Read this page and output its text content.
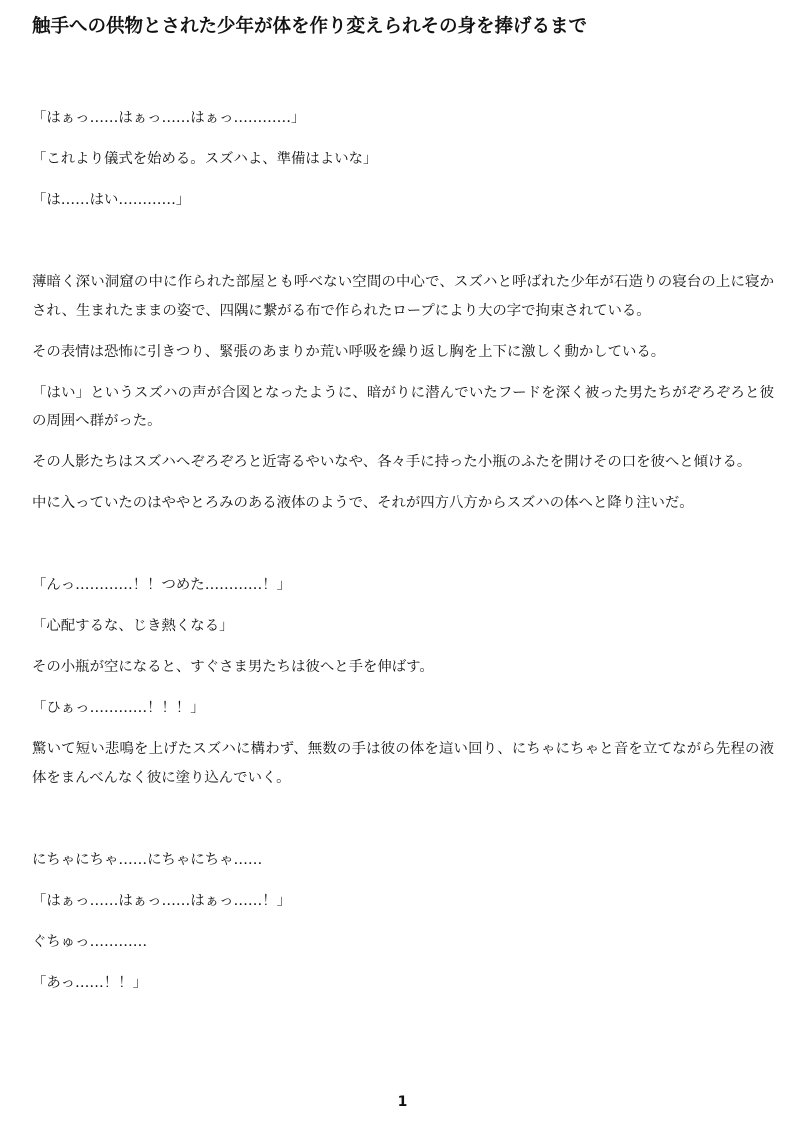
触手への供物とされた少年が体を作り変えられその身を捧げるまで

「はぁっ……はぁっ……はぁっ…………」

「これより儀式を始める。スズハよ、準備はよいな」

「は……はい…………」

薄暗く深い洞窟の中に作られた部屋とも呼べない空間の中心で、スズハと呼ばれた少年が石造りの寝台の上に寝かされ、生まれたままの姿で、四隅に繋がる布で作られたロープにより大の字で拘束されている。

その表情は恐怖に引きつり、緊張のあまりか荒い呼吸を繰り返し胸を上下に激しく動かしている。

「はい」というスズハの声が合図となったように、暗がりに潜んでいたフードを深く被った男たちがぞろぞろと彼の周囲へ群がった。

その人影たちはスズハへぞろぞろと近寄るやいなや、各々手に持った小瓶のふたを開けその口を彼へと傾ける。

中に入っていたのはややとろみのある液体のようで、それが四方八方からスズハの体へと降り注いだ。

「んっ…………！！つめた…………！」

「心配するな、じき熱くなる」

その小瓶が空になると、すぐさま男たちは彼へと手を伸ばす。

「ひぁっ…………！！！」

驚いて短い悲鳴を上げたスズハに構わず、無数の手は彼の体を這い回り、にちゃにちゃと音を立てながら先程の液体をまんべんなく彼に塗り込んでいく。

にちゃにちゃ……にちゃにちゃ……

「はぁっ……はぁっ……はぁっ……！」

ぐちゅっ…………

「あっ……！！」

1
